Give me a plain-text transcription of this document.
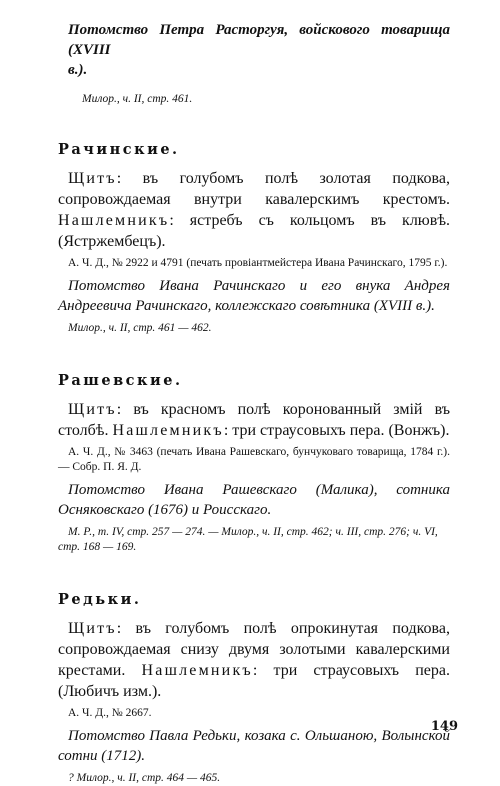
Потомство Петра Расторгуя, войскового товарища (XVIII
в.).

Милор., ч. II, стр. 461.

Рачинские.

Щитъ: въ голубомъ полѣ золотая подкова, сопровождаемая внутри кавалерскимъ крестомъ. Нашлемникъ: ястребъ съ кольцомъ въ клювѣ. (Ястржембецъ).

А. Ч. Д., № 2922 и 4791 (печать провіантмейстера Ивана Рачинскаго, 1795 г.).

Потомство Ивана Рачинскаго и его внука Андрея Андреевича Рачинскаго, коллежскаго совѣтника (XVIII в.).

Милор., ч. II, стр. 461 — 462.

Рашевские.

Щитъ: въ красномъ полѣ коронованный змій въ столбѣ. Нашлемникъ: три страусовыхъ пера. (Вонжъ).

А. Ч. Д., № 3463 (печать Ивана Рашевскаго, бунчуковаго товарища, 1784 г.). — Собр. П. Я. Д.

Потомство Ивана Рашевскаго (Малика), сотника Осняковскаго (1676) и Роисскаго.

М. Р., т. IV, стр. 257 — 274. — Милор., ч. II, стр. 462; ч. III, стр. 276; ч. VI, стр. 168 — 169.

Редьки.

Щитъ: въ голубомъ полѣ опрокинутая подкова, сопровождаемая снизу двумя золотыми кавалерскими крестами. Нашлемникъ: три страусовыхъ пера. (Любичъ изм.).

А. Ч. Д., № 2667.

Потомство Павла Редьки, козака с. Ольшаною, Волынской сотни (1712).

? Милор., ч. II, стр. 464 — 465.

149
